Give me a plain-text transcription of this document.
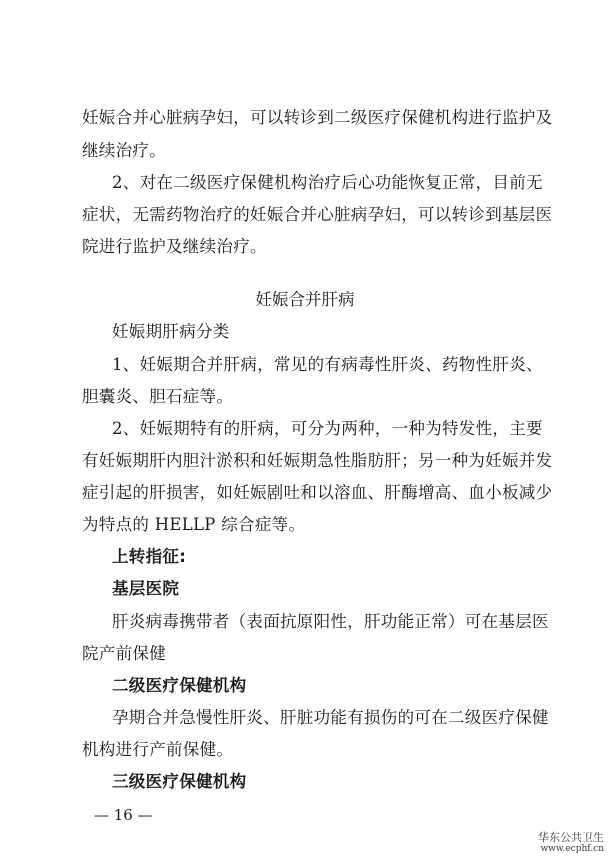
妊娠合并心脏病孕妇，可以转诊到二级医疗保健机构进行监护及
继续治疗。
2、对在二级医疗保健机构治疗后心功能恢复正常，目前无
症状，无需药物治疗的妊娠合并心脏病孕妇，可以转诊到基层医
院进行监护及继续治疗。
妊娠合并肝病
妊娠期肝病分类
1、妊娠期合并肝病，常见的有病毒性肝炎、药物性肝炎、
胆囊炎、胆石症等。
2、妊娠期特有的肝病，可分为两种，一种为特发性，主要
有妊娠期肝内胆汁淤积和妊娠期急性脂肪肝；另一种为妊娠并发
症引起的肝损害，如妊娠剧吐和以溶血、肝酶增高、血小板减少
为特点的 HELLP 综合症等。
上转指征:
基层医院
肝炎病毒携带者（表面抗原阳性，肝功能正常）可在基层医
院产前保健
二级医疗保健机构
孕期合并急慢性肝炎、肝脏功能有损伤的可在二级医疗保健
机构进行产前保健。
三级医疗保健机构
— 16 —
华东公共卫生
www.ecphf.cn
